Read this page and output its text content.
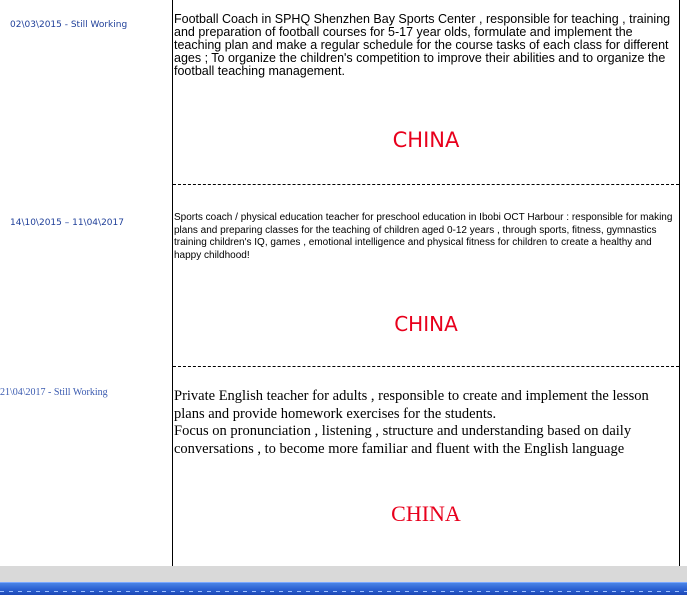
02\03\2015 - Still Working	Football Coach in SPHQ Shenzhen Bay Sports Center , responsible for teaching , training and preparation of football courses for 5-17 year olds, formulate and implement the teaching plan and make a regular schedule for the course tasks of each class for different ages ; To organize the children's competition to improve their abilities and to organize the football teaching management.
CHINA
14\10\2015 – 11\04\2017	Sports coach / physical education teacher for preschool education in Ibobi OCT Harbour : responsible for making plans and preparing classes for the teaching of children aged 0-12 years , through sports, fitness, gymnastics training children's IQ, games , emotional intelligence and physical fitness for children to create a healthy and happy childhood!
CHINA
21\04\2017 - Still Working	Private English teacher for adults , responsible to create and implement the lesson plans and provide homework exercises for the students.
Focus on pronunciation , listening , structure and understanding based on daily conversations , to become more familiar and fluent with the English language
CHINA
